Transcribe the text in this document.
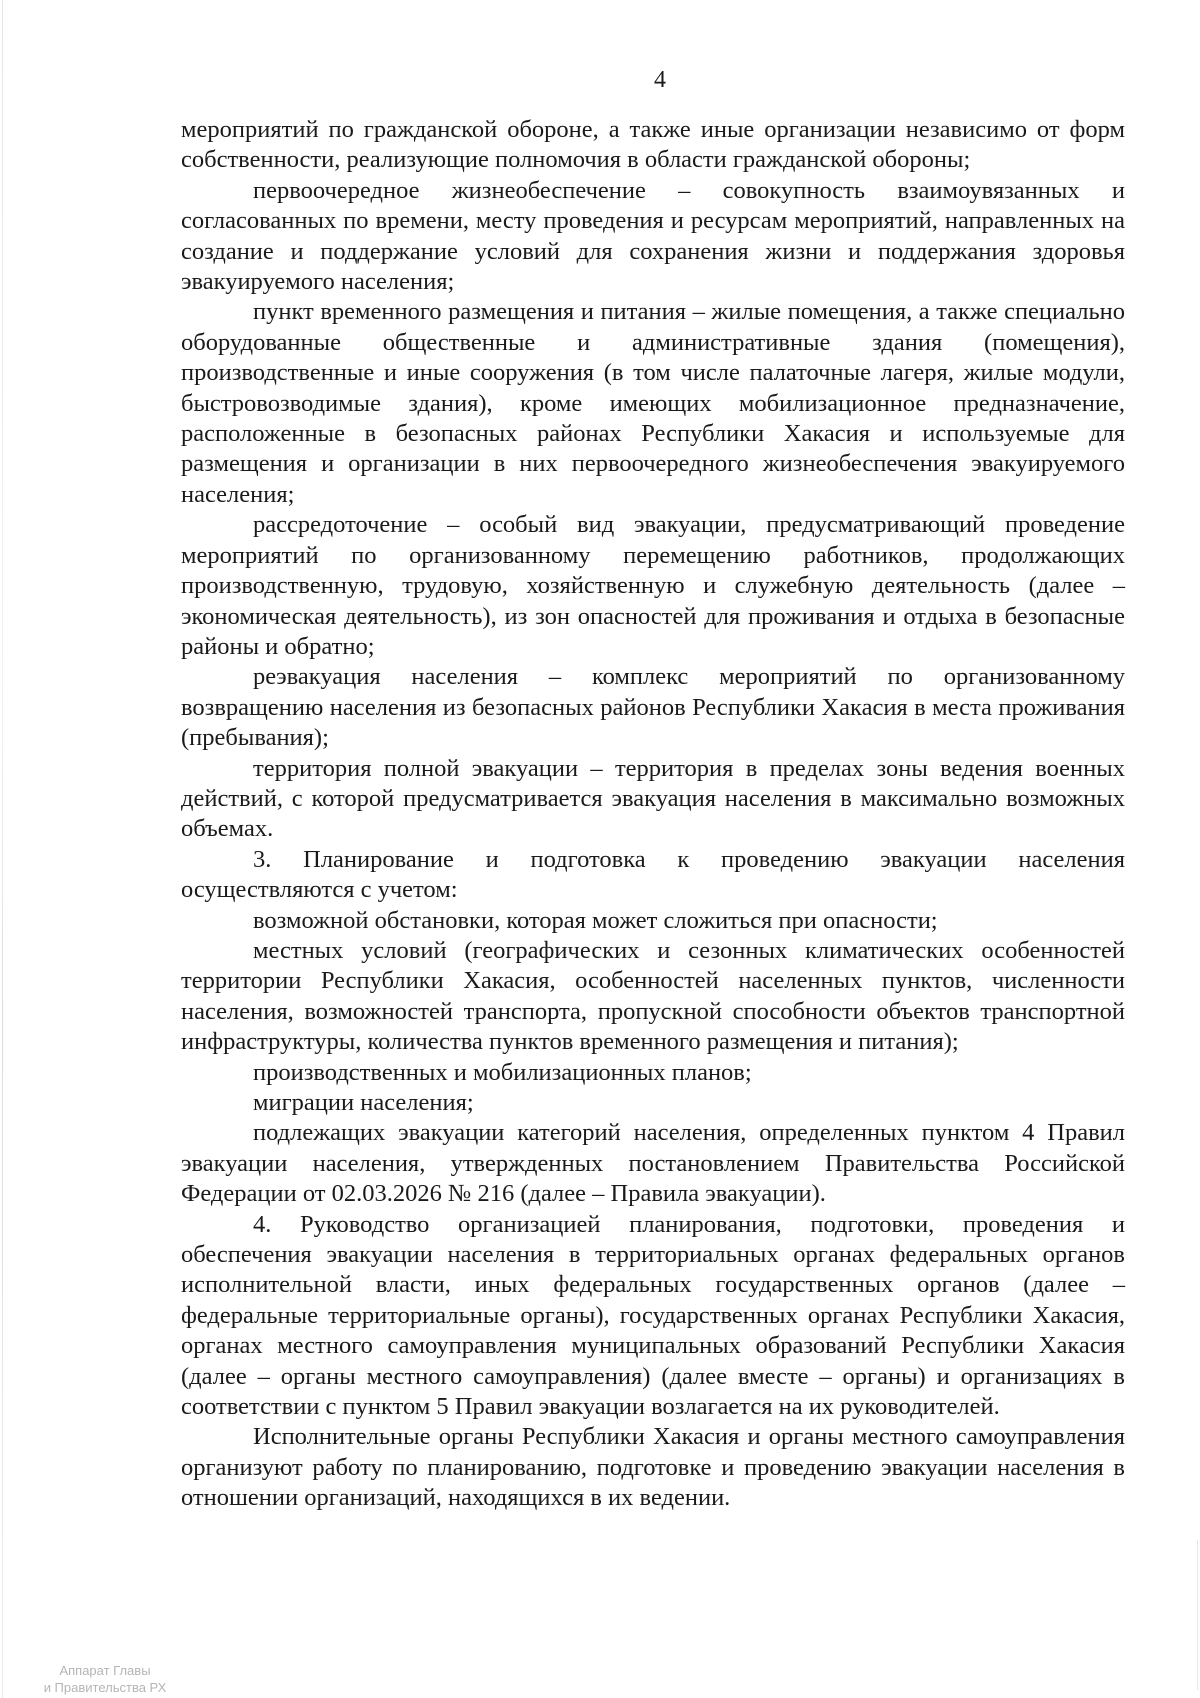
4

мероприятий по гражданской обороне, а также иные организации независимо от форм собственности, реализующие полномочия в области гражданской обороны;

первоочередное жизнеобеспечение – совокупность взаимоувязанных и согласованных по времени, месту проведения и ресурсам мероприятий, направленных на создание и поддержание условий для сохранения жизни и поддержания здоровья эвакуируемого населения;

пункт временного размещения и питания – жилые помещения, а также специально оборудованные общественные и административные здания (помещения), производственные и иные сооружения (в том числе палаточные лагеря, жилые модули, быстровозводимые здания), кроме имеющих мобилизационное предназначение, расположенные в безопасных районах Республики Хакасия и используемые для размещения и организации в них первоочередного жизнеобеспечения эвакуируемого населения;

рассредоточение – особый вид эвакуации, предусматривающий проведение мероприятий по организованному перемещению работников, продолжающих производственную, трудовую, хозяйственную и служебную деятельность (далее – экономическая деятельность), из зон опасностей для проживания и отдыха в безопасные районы и обратно;

реэвакуация населения – комплекс мероприятий по организованному возвращению населения из безопасных районов Республики Хакасия в места проживания (пребывания);

территория полной эвакуации – территория в пределах зоны ведения военных действий, с которой предусматривается эвакуация населения в максимально возможных объемах.

3. Планирование и подготовка к проведению эвакуации населения осуществляются с учетом:

возможной обстановки, которая может сложиться при опасности;

местных условий (географических и сезонных климатических особенностей территории Республики Хакасия, особенностей населенных пунктов, численности населения, возможностей транспорта, пропускной способности объектов транспортной инфраструктуры, количества пунктов временного размещения и питания);

производственных и мобилизационных планов;

миграции населения;

подлежащих эвакуации категорий населения, определенных пунктом 4 Правил эвакуации населения, утвержденных постановлением Правительства Российской Федерации от 02.03.2026 № 216 (далее – Правила эвакуации).

4. Руководство организацией планирования, подготовки, проведения и обеспечения эвакуации населения в территориальных органах федеральных органов исполнительной власти, иных федеральных государственных органов (далее – федеральные территориальные органы), государственных органах Республики Хакасия, органах местного самоуправления муниципальных образований Республики Хакасия (далее – органы местного самоуправления) (далее вместе – органы) и организациях в соответствии с пунктом 5 Правил эвакуации возлагается на их руководителей.

Исполнительные органы Республики Хакасия и органы местного самоуправления организуют работу по планированию, подготовке и проведению эвакуации населения в отношении организаций, находящихся в их ведении.

Аппарат Главы
и Правительства РХ
